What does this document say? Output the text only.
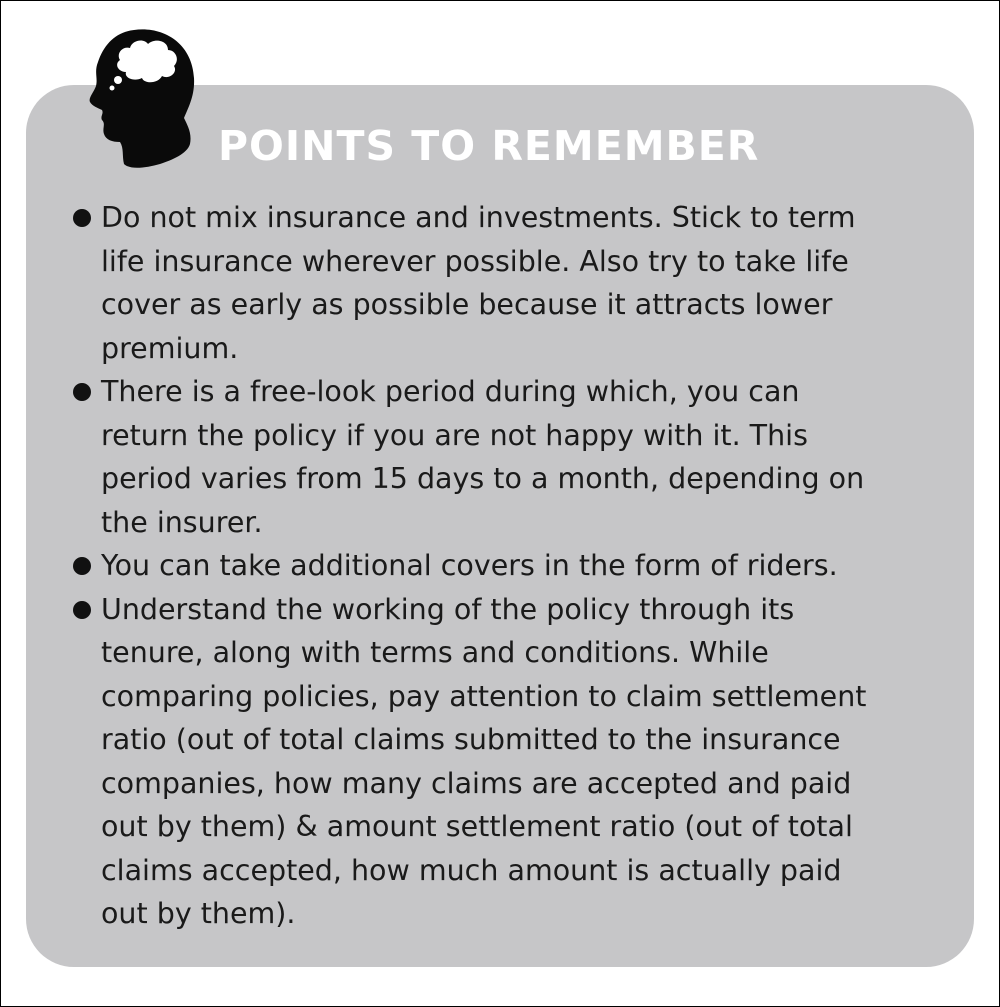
POINTS TO REMEMBER
Do not mix insurance and investments. Stick to term
life insurance wherever possible. Also try to take life
cover as early as possible because it attracts lower
premium.
There is a free-look period during which, you can
return the policy if you are not happy with it. This
period varies from 15 days to a month, depending on
the insurer.
You can take additional covers in the form of riders.
Understand the working of the policy through its
tenure, along with terms and conditions. While
comparing policies, pay attention to claim settlement
ratio (out of total claims submitted to the insurance
companies, how many claims are accepted and paid
out by them) & amount settlement ratio (out of total
claims accepted, how much amount is actually paid
out by them).
